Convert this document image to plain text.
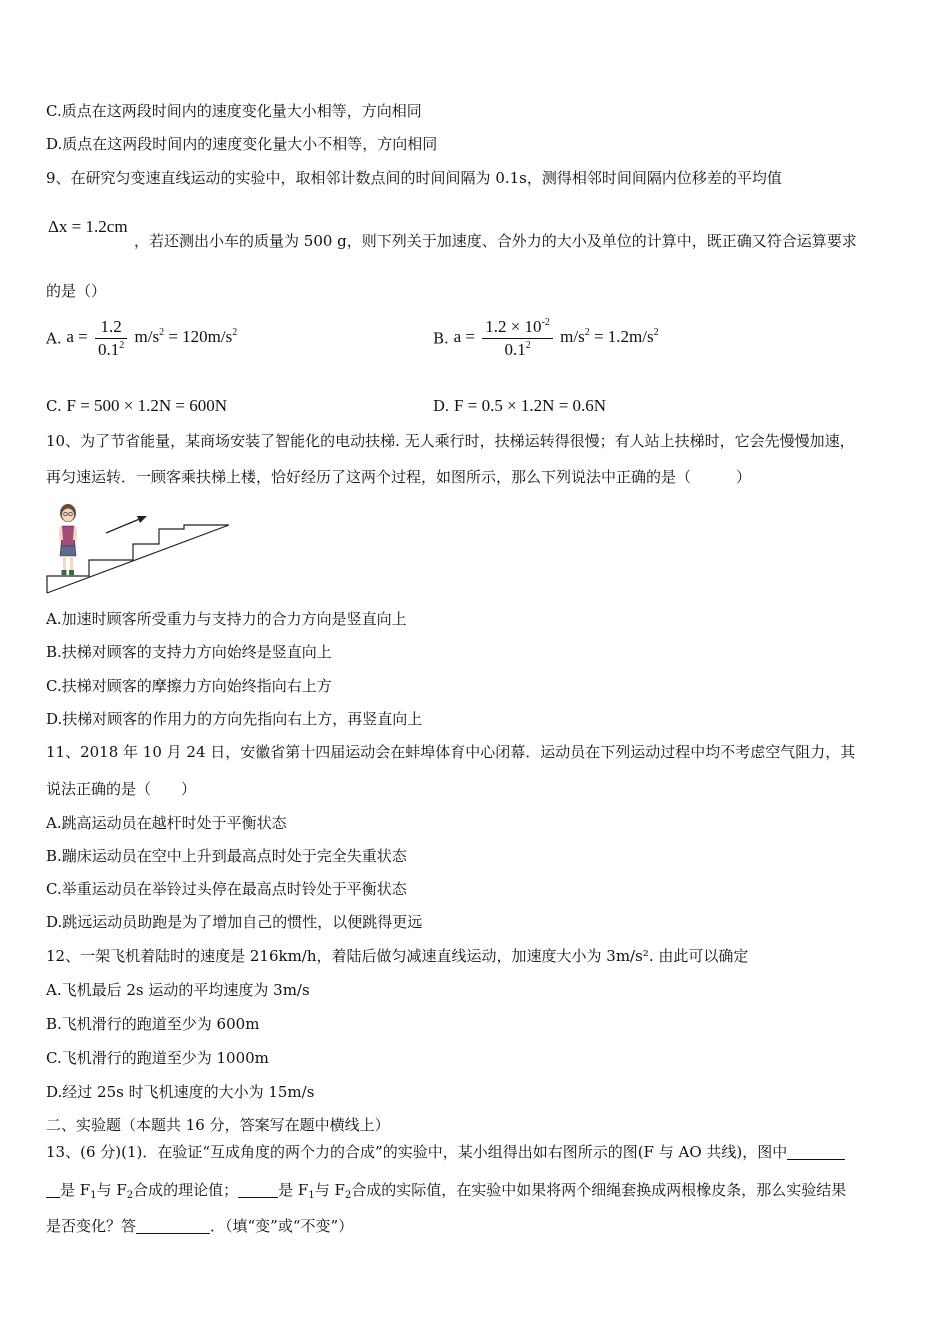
C.质点在这两段时间内的速度变化量大小相等，方向相同
D.质点在这两段时间内的速度变化量大小不相等，方向相同
9、在研究匀变速直线运动的实验中，取相邻计数点间的时间间隔为 0.1s，测得相邻时间间隔内位移差的平均值
Δx = 1.2cm
，若还测出小车的质量为 500 g，则下列关于加速度、合外力的大小及单位的计算中，既正确又符合运算要求
的是（）
A. $a = \frac{1.2}{0.1^2} m/s^2 = 120m/s^2$	B. $a = \frac{1.2 \times 10^{-2}}{0.1^2} m/s^2 = 1.2m/s^2$
C. F = 500 × 1.2N = 600N	D. F = 0.5 × 1.2N = 0.6N
10、为了节省能量，某商场安装了智能化的电动扶梯. 无人乘行时，扶梯运转得很慢；有人站上扶梯时，它会先慢慢加速，
再匀速运转．一顾客乘扶梯上楼，恰好经历了这两个过程，如图所示，那么下列说法中正确的是（　　　）
A.加速时顾客所受重力与支持力的合力方向是竖直向上
B.扶梯对顾客的支持力方向始终是竖直向上
C.扶梯对顾客的摩擦力方向始终指向右上方
D.扶梯对顾客的作用力的方向先指向右上方，再竖直向上
11、2018 年 10 月 24 日，安徽省第十四届运动会在蚌埠体育中心闭幕．运动员在下列运动过程中均不考虑空气阻力，其
说法正确的是（　　）
A.跳高运动员在越杆时处于平衡状态
B.蹦床运动员在空中上升到最高点时处于完全失重状态
C.举重运动员在举铃过头停在最高点时铃处于平衡状态
D.跳远运动员助跑是为了增加自己的惯性，以便跳得更远
12、一架飞机着陆时的速度是 216km/h，着陆后做匀减速直线运动，加速度大小为 3m/s². 由此可以确定
A.飞机最后 2s 运动的平均速度为 3m/s
B.飞机滑行的跑道至少为 600m
C.飞机滑行的跑道至少为 1000m
D.经过 25s 时飞机速度的大小为 15m/s
二、实验题（本题共 16 分，答案写在题中横线上）
13、(6 分)(1)．在验证“互成角度的两个力的合成”的实验中，某小组得出如右图所示的图(F 与 AO 共线)，图中
是 $F_1$与 $F_2$合成的理论值；	是 $F_1$与 $F_2$合成的实际值，在实验中如果将两个细绳套换成两根橡皮条，那么实验结果
是否变化？答	．（填“变”或“不变”）
